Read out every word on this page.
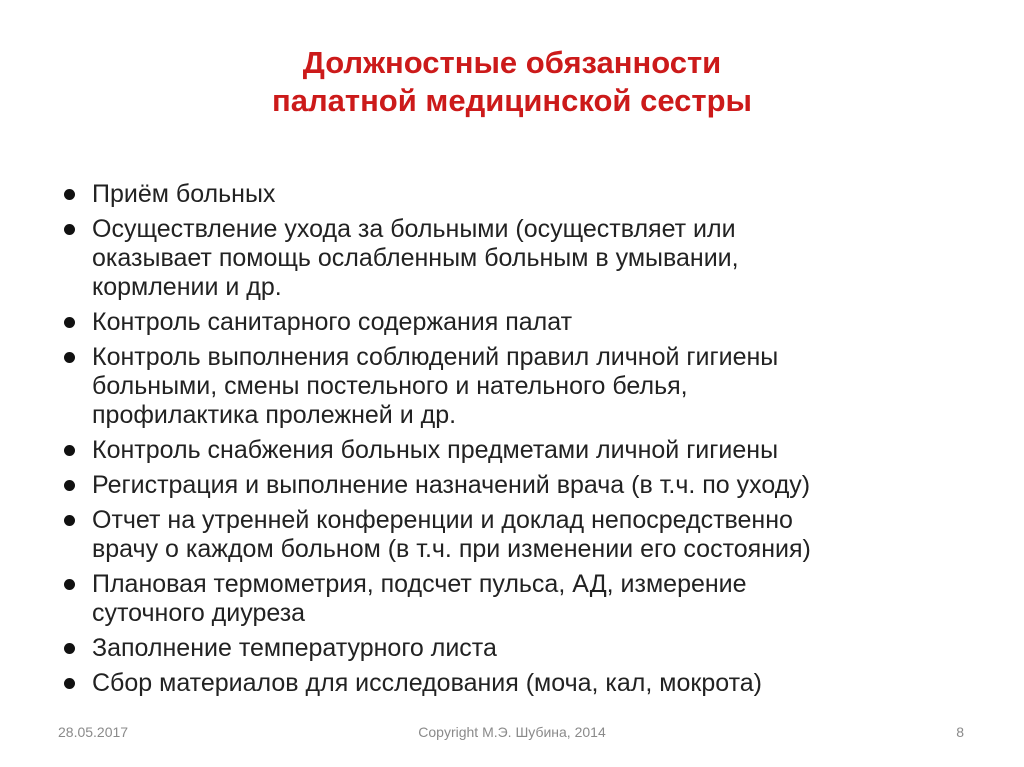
Должностные обязанности
палатной медицинской сестры
Приём больных
Осуществление ухода за больными (осуществляет или
оказывает помощь ослабленным больным в умывании,
кормлении и др.
Контроль санитарного содержания палат
Контроль выполнения соблюдений правил личной гигиены
больными, смены постельного и нательного белья,
профилактика пролежней и др.
Контроль снабжения больных предметами личной гигиены
Регистрация и выполнение назначений врача (в т.ч. по уходу)
Отчет на утренней конференции и доклад непосредственно
врачу о каждом больном (в т.ч. при изменении его состояния)
Плановая термометрия, подсчет пульса, АД, измерение
суточного диуреза
Заполнение температурного листа
Сбор материалов для исследования (моча, кал, мокрота)
28.05.2017	Copyright М.Э. Шубина, 2014	8
